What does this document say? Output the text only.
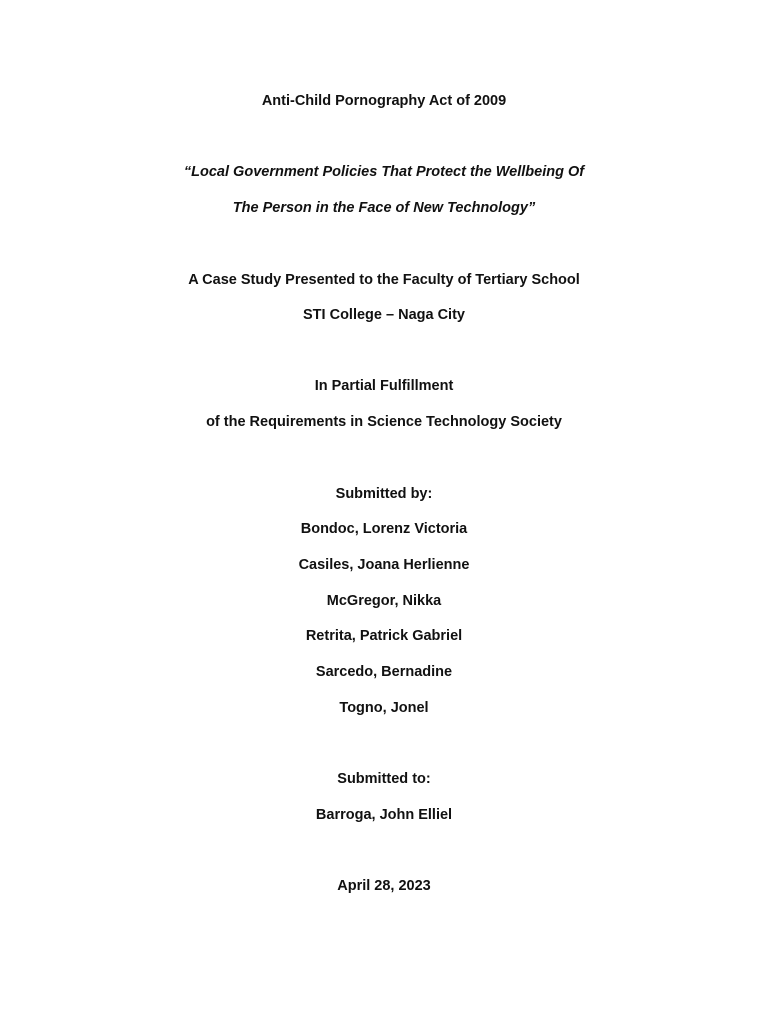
Anti-Child Pornography Act of 2009
“Local Government Policies That Protect the Wellbeing Of
The Person in the Face of New Technology”
A Case Study Presented to the Faculty of Tertiary School
STI College – Naga City
In Partial Fulfillment
of the Requirements in Science Technology Society
Submitted by:
Bondoc, Lorenz Victoria
Casiles, Joana Herlienne
McGregor, Nikka
Retrita, Patrick Gabriel
Sarcedo, Bernadine
Togno, Jonel
Submitted to:
Barroga, John Elliel
April 28, 2023
